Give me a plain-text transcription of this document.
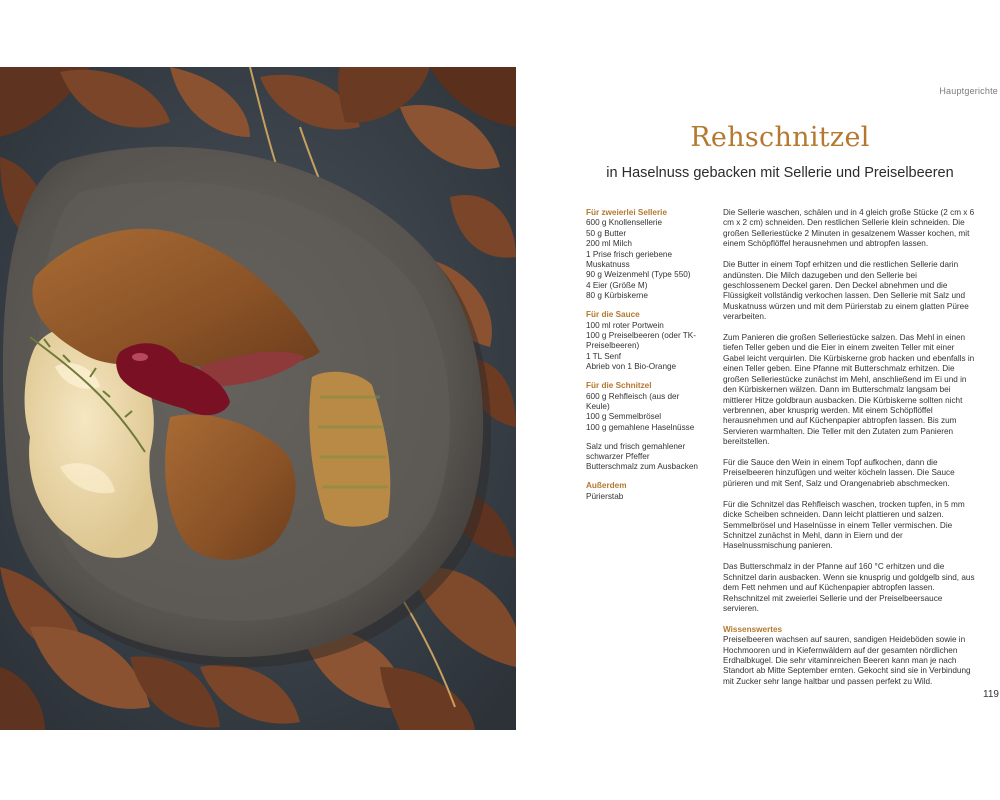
Hauptgerichte
Rehschnitzel
in Haselnuss gebacken mit Sellerie und Preiselbeeren
Für zweierlei Sellerie
600 g Knollensellerie
50 g Butter
200 ml Milch
1 Prise frisch geriebene
Muskatnuss
90 g Weizenmehl (Type 550)
4 Eier (Größe M)
80 g Kürbiskerne
Für die Sauce
100 ml roter Portwein
100 g Preiselbeeren (oder TK-
Preiselbeeren)
1 TL Senf
Abrieb von 1 Bio-Orange
Für die Schnitzel
600 g Rehfleisch (aus der
Keule)
100 g Semmelbrösel
100 g gemahlene Haselnüsse
Salz und frisch gemahlener
schwarzer Pfeffer
Butterschmalz zum Ausbacken
Außerdem
Pürierstab

Die Sellerie waschen, schälen und in 4 gleich große Stücke (2 cm x 6 cm x 2 cm) schneiden. Den restlichen Sellerie klein schneiden. Die großen Selleriestücke 2 Minuten in gesalzenem Wasser kochen, mit einem Schöpflöffel herausnehmen und abtropfen lassen.

Die Butter in einem Topf erhitzen und die restlichen Sellerie darin andünsten. Die Milch dazugeben und den Sellerie bei geschlossenem Deckel garen. Den Deckel abnehmen und die Flüssigkeit vollständig verkochen lassen. Den Sellerie mit Salz und Muskatnuss würzen und mit dem Pürierstab zu einem glatten Püree verarbeiten.

Zum Panieren die großen Selleriestücke salzen. Das Mehl in einen tiefen Teller geben und die Eier in einem zweiten Teller mit einer Gabel leicht verquirlen. Die Kürbiskerne grob hacken und ebenfalls in einen Teller geben. Eine Pfanne mit Butterschmalz erhitzen. Die großen Selleriestücke zunächst im Mehl, anschließend im Ei und in den Kürbiskernen wälzen. Dann im Butterschmalz langsam bei mittlerer Hitze goldbraun ausbacken. Die Kürbiskerne sollten nicht verbrennen, aber knusprig werden. Mit einem Schöpflöffel herausnehmen und auf Küchenpapier abtropfen lassen. Bis zum Servieren warmhalten. Die Teller mit den Zutaten zum Panieren bereitstellen.

Für die Sauce den Wein in einem Topf aufkochen, dann die Preiselbeeren hinzufügen und weiter köcheln lassen. Die Sauce pürieren und mit Senf, Salz und Orangenabrieb abschmecken.

Für die Schnitzel das Rehfleisch waschen, trocken tupfen, in 5 mm dicke Scheiben schneiden. Dann leicht plattieren und salzen. Semmelbrösel und Haselnüsse in einem Teller vermischen. Die Schnitzel zunächst in Mehl, dann in Eiern und der Haselnussmischung panieren.

Das Butterschmalz in der Pfanne auf 160 °C erhitzen und die Schnitzel darin ausbacken. Wenn sie knusprig und goldgelb sind, aus dem Fett nehmen und auf Küchenpapier abtropfen lassen. Rehschnitzel mit zweierlei Sellerie und der Preiselbeersauce servieren.

Wissenswertes

Preiselbeeren wachsen auf sauren, sandigen Heideböden sowie in Hochmooren und in Kiefernwäldern auf der gesamten nördlichen Erdhalbkugel. Die sehr vitaminreichen Beeren kann man je nach Standort ab Mitte September ernten. Gekocht sind sie in Verbindung mit Zucker sehr lange haltbar und passen perfekt zu Wild.

119
